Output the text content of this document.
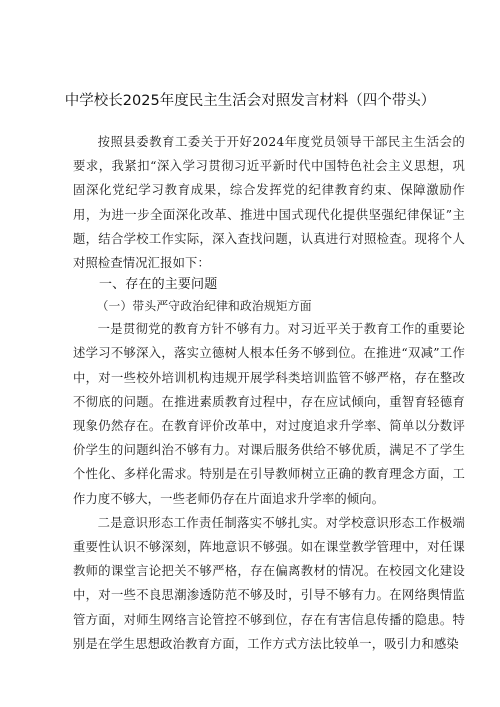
中学校长2025年度民主生活会对照发言材料（四个带头）

按照县委教育工委关于开好2024年度党员领导干部民主生活会的要求，我紧扣“深入学习贯彻习近平新时代中国特色社会主义思想，巩固深化党纪学习教育成果，综合发挥党的纪律教育约束、保障激励作用，为进一步全面深化改革、推进中国式现代化提供坚强纪律保证”主题，结合学校工作实际，深入查找问题，认真进行对照检查。现将个人对照检查情况汇报如下：

一、存在的主要问题

（一）带头严守政治纪律和政治规矩方面

一是贯彻党的教育方针不够有力。对习近平关于教育工作的重要论述学习不够深入，落实立德树人根本任务不够到位。在推进“双减”工作中，对一些校外培训机构违规开展学科类培训监管不够严格，存在整改不彻底的问题。在推进素质教育过程中，存在应试倾向，重智育轻德育现象仍然存在。在教育评价改革中，对过度追求升学率、简单以分数评价学生的问题纠治不够有力。对课后服务供给不够优质，满足不了学生个性化、多样化需求。特别是在引导教师树立正确的教育理念方面，工作力度不够大，一些老师仍存在片面追求升学率的倾向。

二是意识形态工作责任制落实不够扎实。对学校意识形态工作极端重要性认识不够深刻，阵地意识不够强。如在课堂教学管理中，对任课教师的课堂言论把关不够严格，存在偏离教材的情况。在校园文化建设中，对一些不良思潮渗透防范不够及时，引导不够有力。在网络舆情监管方面，对师生网络言论管控不够到位，存在有害信息传播的隐患。特别是在学生思想政治教育方面，工作方式方法比较单一，吸引力和感染
